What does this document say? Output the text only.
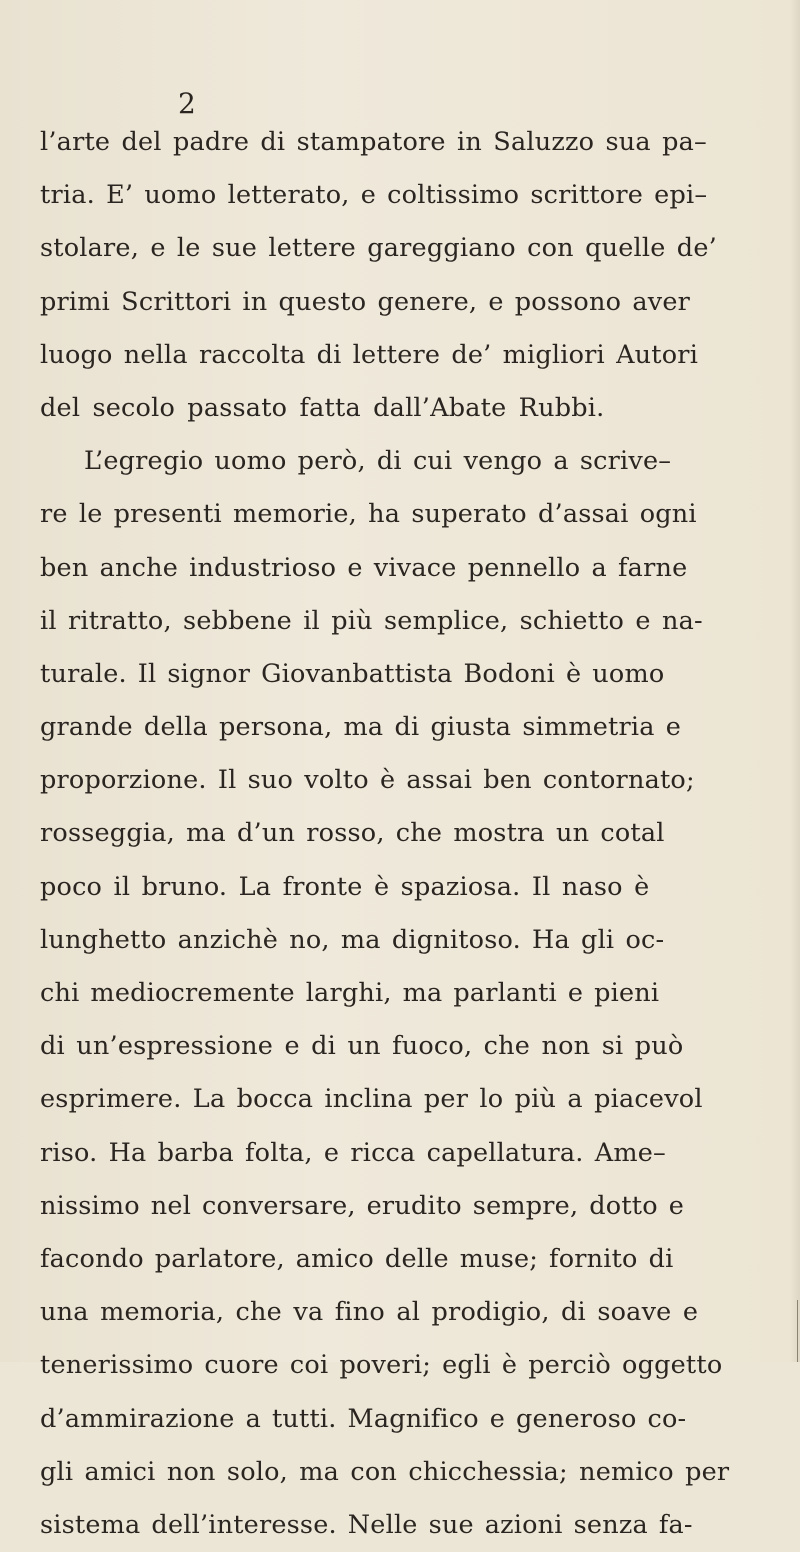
2
l’arte del padre di stampatore in Saluzzo sua pa–
tria. E’ uomo letterato, e coltissimo scrittore epi–
stolare, e le sue lettere gareggiano con quelle de’
primi Scrittori in questo genere, e possono aver
luogo nella raccolta di lettere de’ migliori Autori
del secolo passato fatta dall’Abate Rubbi.
L’egregio uomo però, di cui vengo a scrive–
re le presenti memorie, ha superato d’assai ogni
ben anche industrioso e vivace pennello a farne
il ritratto, sebbene il più semplice, schietto e na-
turale. Il signor Giovanbattista Bodoni è uomo
grande della persona, ma di giusta simmetria e
proporzione. Il suo volto è assai ben contornato;
rosseggia, ma d’un rosso, che mostra un cotal
poco il bruno. La fronte è spaziosa. Il naso è
lunghetto anzichè no, ma dignitoso. Ha gli oc-
chi mediocremente larghi, ma parlanti e pieni
di un’espressione e di un fuoco, che non si può
esprimere. La bocca inclina per lo più a piacevol
riso. Ha barba folta, e ricca capellatura. Ame–
nissimo nel conversare, erudito sempre, dotto e
facondo parlatore, amico delle muse; fornito di
una memoria, che va fino al prodigio, di soave e
tenerissimo cuore coi poveri; egli è perciò oggetto
d’ammirazione a tutti. Magnifico e generoso co-
gli amici non solo, ma con chicchessia; nemico per
sistema dell’interesse. Nelle sue azioni senza fa-
